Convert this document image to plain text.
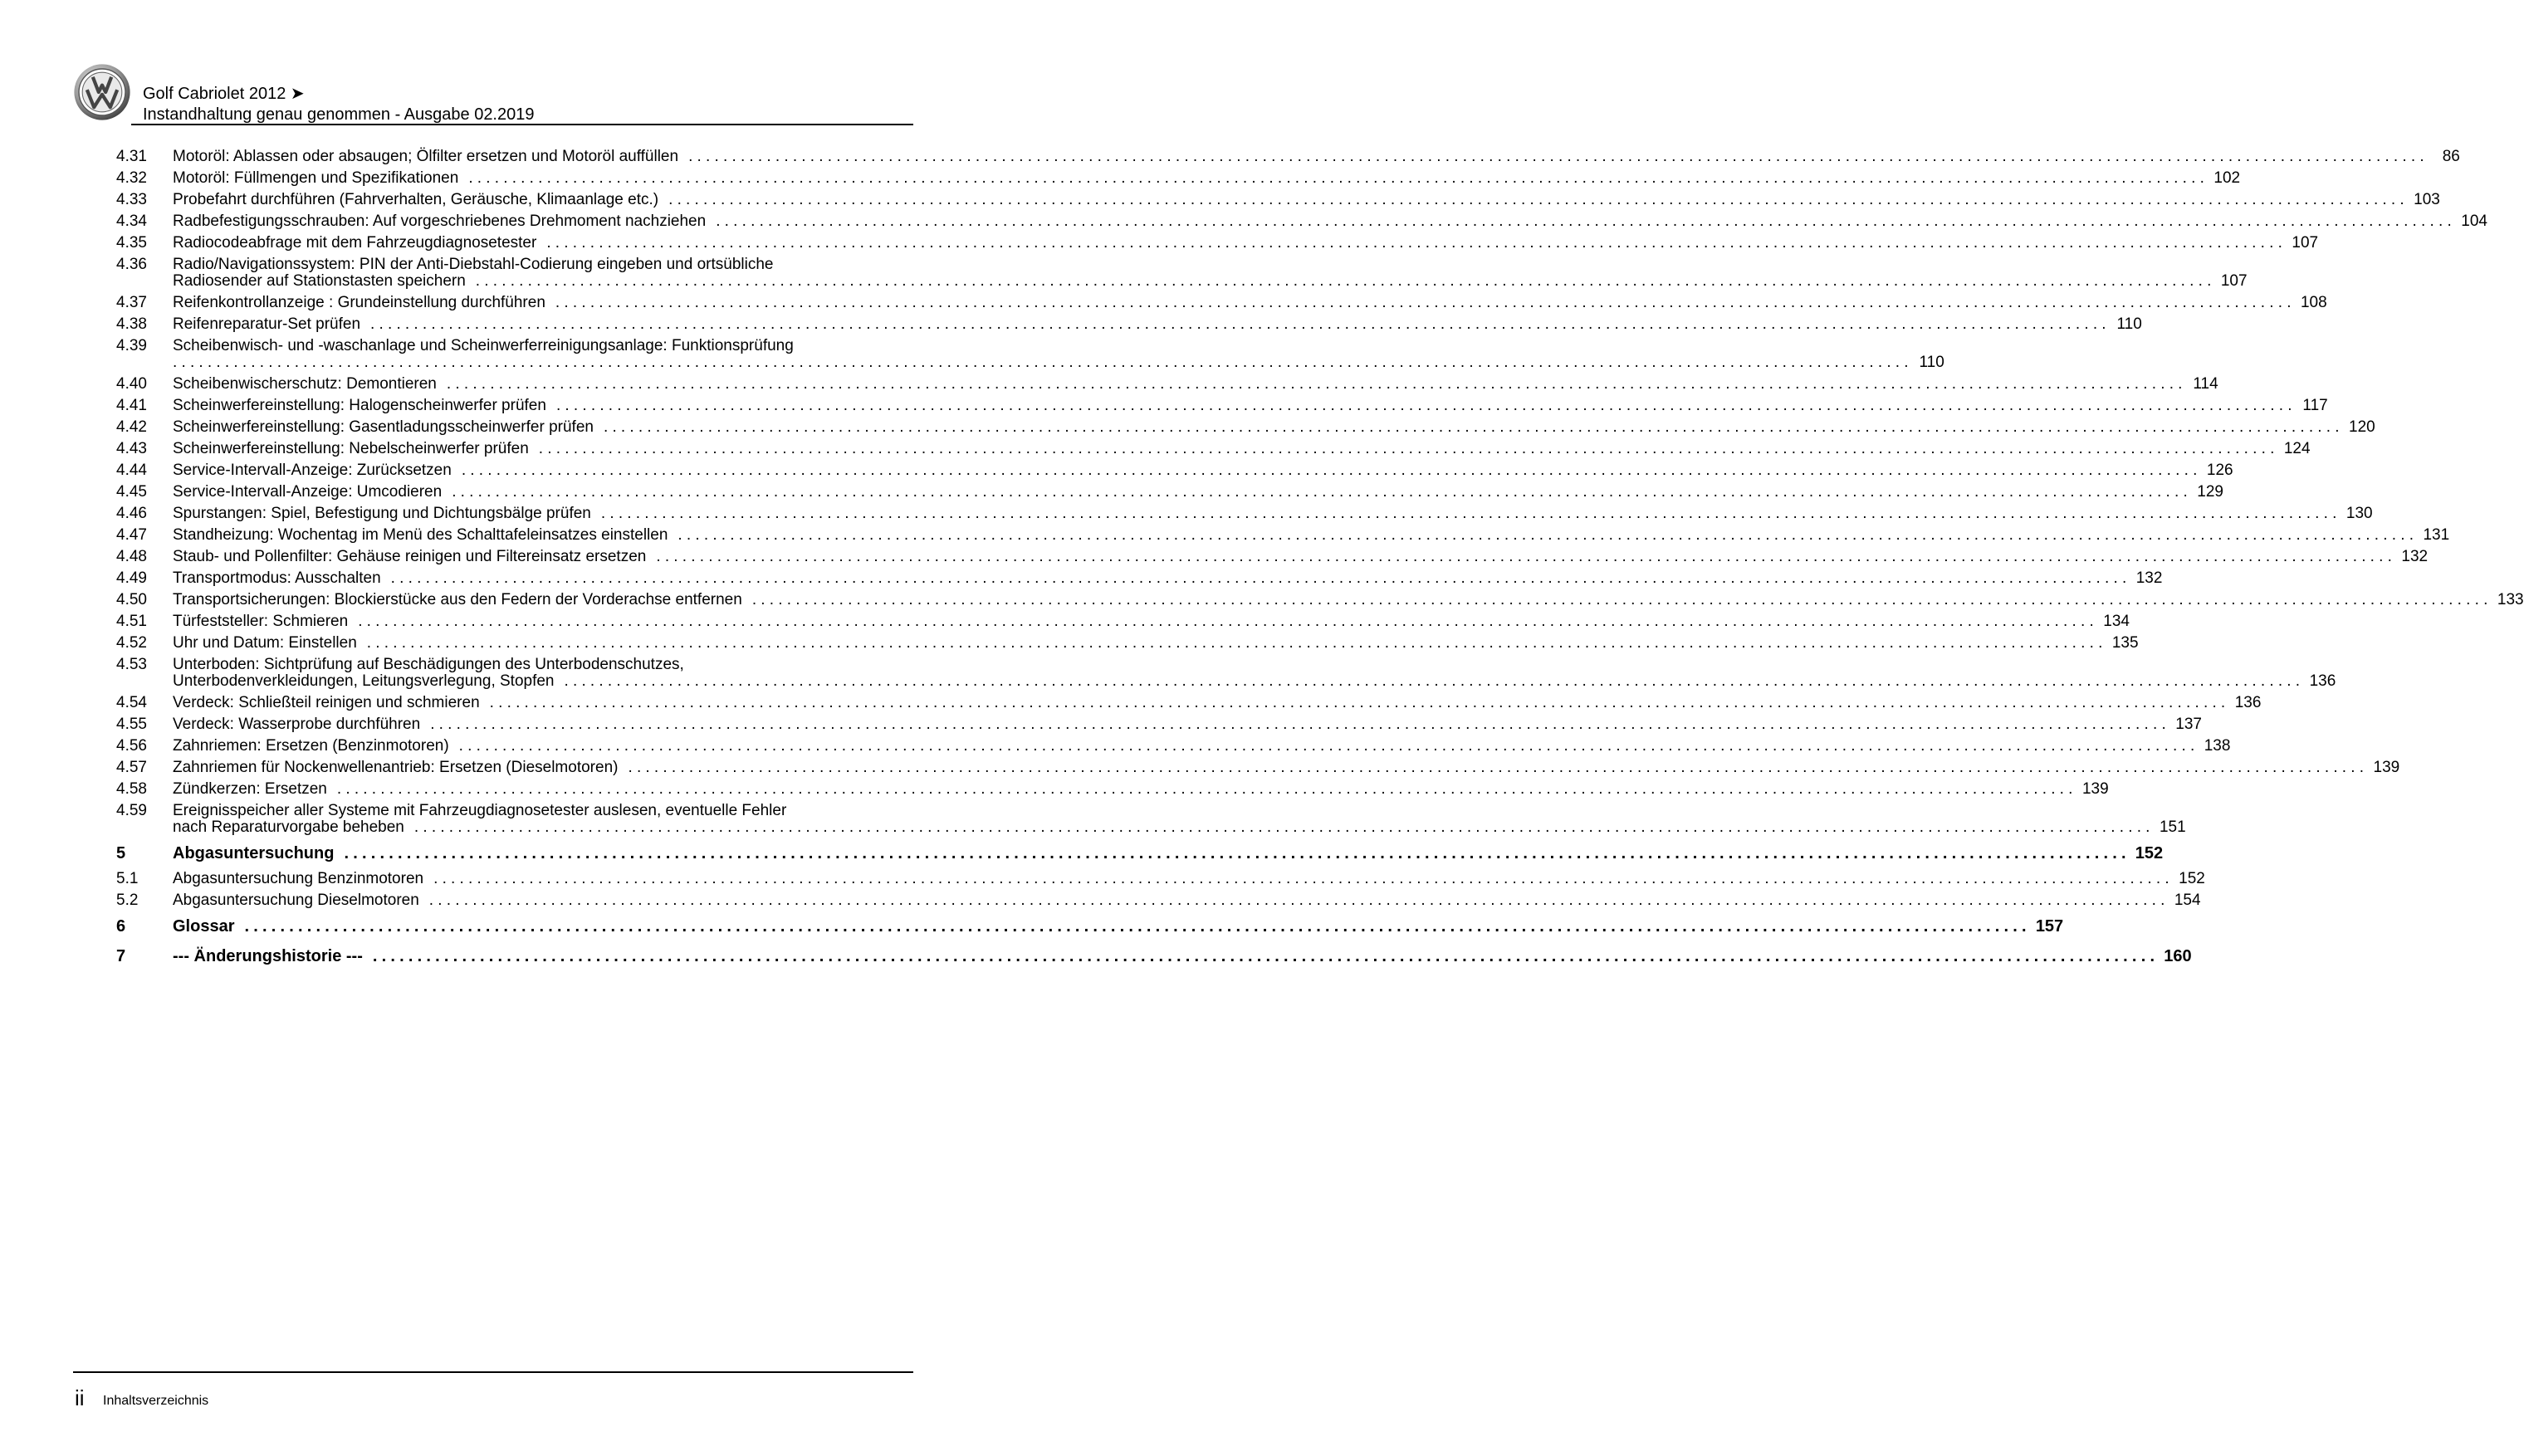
Golf Cabriolet 2012 ➤
Instandhaltung genau genommen - Ausgabe 02.2019
4.31 Motoröl: Ablassen oder absaugen; Ölfilter ersetzen und Motoröl auffüllen ........................................................................................................................................................................................................ 86
4.32 Motoröl: Füllmengen und Spezifikationen ........................................................................................................................................................................................................ 102
4.33 Probefahrt durchführen (Fahrverhalten, Geräusche, Klimaanlage etc.) ........................................................................................................................................................................................................ 103
4.34 Radbefestigungsschrauben: Auf vorgeschriebenes Drehmoment nachziehen ........................................................................................................................................................................................................ 104
4.35 Radiocodeabfrage mit dem Fahrzeugdiagnosetester ........................................................................................................................................................................................................ 107
4.36 Radio/Navigationssystem: PIN der Anti-Diebstahl-Codierung eingeben und ortsübliche
Radiosender auf Stationstasten speichern ........................................................................................................................................................................................................ 107
4.37 Reifenkontrollanzeige : Grundeinstellung durchführen ........................................................................................................................................................................................................ 108
4.38 Reifenreparatur-Set prüfen ........................................................................................................................................................................................................ 110
4.39 Scheibenwisch- und -waschanlage und Scheinwerferreinigungsanlage: Funktionsprüfung
........................................................................................................................................................................................................ 110
4.40 Scheibenwischerschutz: Demontieren ........................................................................................................................................................................................................ 114
4.41 Scheinwerfereinstellung: Halogenscheinwerfer prüfen ........................................................................................................................................................................................................ 117
4.42 Scheinwerfereinstellung: Gasentladungsscheinwerfer prüfen ........................................................................................................................................................................................................ 120
4.43 Scheinwerfereinstellung: Nebelscheinwerfer prüfen ........................................................................................................................................................................................................ 124
4.44 Service-Intervall-Anzeige: Zurücksetzen ........................................................................................................................................................................................................ 126
4.45 Service-Intervall-Anzeige: Umcodieren ........................................................................................................................................................................................................ 129
4.46 Spurstangen: Spiel, Befestigung und Dichtungsbälge prüfen ........................................................................................................................................................................................................ 130
4.47 Standheizung: Wochentag im Menü des Schalttafeleinsatzes einstellen ........................................................................................................................................................................................................ 131
4.48 Staub- und Pollenfilter: Gehäuse reinigen und Filtereinsatz ersetzen ........................................................................................................................................................................................................ 132
4.49 Transportmodus: Ausschalten ........................................................................................................................................................................................................ 132
4.50 Transportsicherungen: Blockierstücke aus den Federn der Vorderachse entfernen ........................................................................................................................................................................................................ 133
4.51 Türfeststeller: Schmieren ........................................................................................................................................................................................................ 134
4.52 Uhr und Datum: Einstellen ........................................................................................................................................................................................................ 135
4.53 Unterboden: Sichtprüfung auf Beschädigungen des Unterbodenschutzes,
Unterbodenverkleidungen, Leitungsverlegung, Stopfen ........................................................................................................................................................................................................ 136
4.54 Verdeck: Schließteil reinigen und schmieren ........................................................................................................................................................................................................ 136
4.55 Verdeck: Wasserprobe durchführen ........................................................................................................................................................................................................ 137
4.56 Zahnriemen: Ersetzen (Benzinmotoren) ........................................................................................................................................................................................................ 138
4.57 Zahnriemen für Nockenwellenantrieb: Ersetzen (Dieselmotoren) ........................................................................................................................................................................................................ 139
4.58 Zündkerzen: Ersetzen ........................................................................................................................................................................................................ 139
4.59 Ereignisspeicher aller Systeme mit Fahrzeugdiagnosetester auslesen, eventuelle Fehler
nach Reparaturvorgabe beheben ........................................................................................................................................................................................................ 151
5	Abgasuntersuchung ........................................................................................................................................................................................................ 152
5.1 Abgasuntersuchung Benzinmotoren ........................................................................................................................................................................................................ 152
5.2 Abgasuntersuchung Dieselmotoren ........................................................................................................................................................................................................ 154
6	Glossar ........................................................................................................................................................................................................ 157
7	--- Änderungshistorie --- ........................................................................................................................................................................................................ 160
ii Inhaltsverzeichnis
